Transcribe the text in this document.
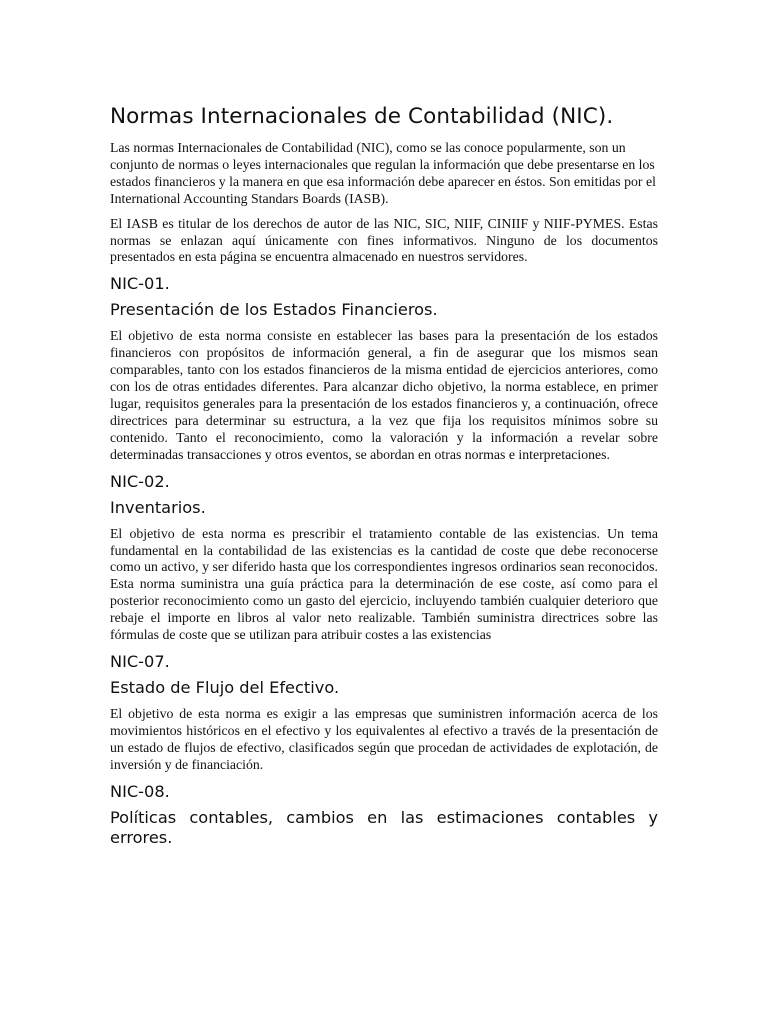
Normas Internacionales de Contabilidad (NIC).

Las normas Internacionales de Contabilidad (NIC), como se las conoce popularmente, son un conjunto de normas o leyes internacionales que regulan la información que debe presentarse en los estados financieros y la manera en que esa información debe aparecer en éstos. Son emitidas por el International Accounting Standars Boards (IASB).

El IASB es titular de los derechos de autor de las NIC, SIC, NIIF, CINIIF y NIIF-PYMES. Estas normas se enlazan aquí únicamente con fines informativos. Ninguno de los documentos presentados en esta página se encuentra almacenado en nuestros servidores.

NIC-01.
Presentación de los Estados Financieros.

El objetivo de esta norma consiste en establecer las bases para la presentación de los estados financieros con propósitos de información general, a fin de asegurar que los mismos sean comparables, tanto con los estados financieros de la misma entidad de ejercicios anteriores, como con los de otras entidades diferentes. Para alcanzar dicho objetivo, la norma establece, en primer lugar, requisitos generales para la presentación de los estados financieros y, a continuación, ofrece directrices para determinar su estructura, a la vez que fija los requisitos mínimos sobre su contenido. Tanto el reconocimiento, como la valoración y la información a revelar sobre determinadas transacciones y otros eventos, se abordan en otras normas e interpretaciones.

NIC-02.
Inventarios.

El objetivo de esta norma es prescribir el tratamiento contable de las existencias. Un tema fundamental en la contabilidad de las existencias es la cantidad de coste que debe reconocerse como un activo, y ser diferido hasta que los correspondientes ingresos ordinarios sean reconocidos. Esta norma suministra una guía práctica para la determinación de ese coste, así como para el posterior reconocimiento como un gasto del ejercicio, incluyendo también cualquier deterioro que rebaje el importe en libros al valor neto realizable. También suministra directrices sobre las fórmulas de coste que se utilizan para atribuir costes a las existencias

NIC-07.
Estado de Flujo del Efectivo.

El objetivo de esta norma es exigir a las empresas que suministren información acerca de los movimientos históricos en el efectivo y los equivalentes al efectivo a través de la presentación de un estado de flujos de efectivo, clasificados según que procedan de actividades de explotación, de inversión y de financiación.

NIC-08.
Políticas contables, cambios en las estimaciones contables y errores.
